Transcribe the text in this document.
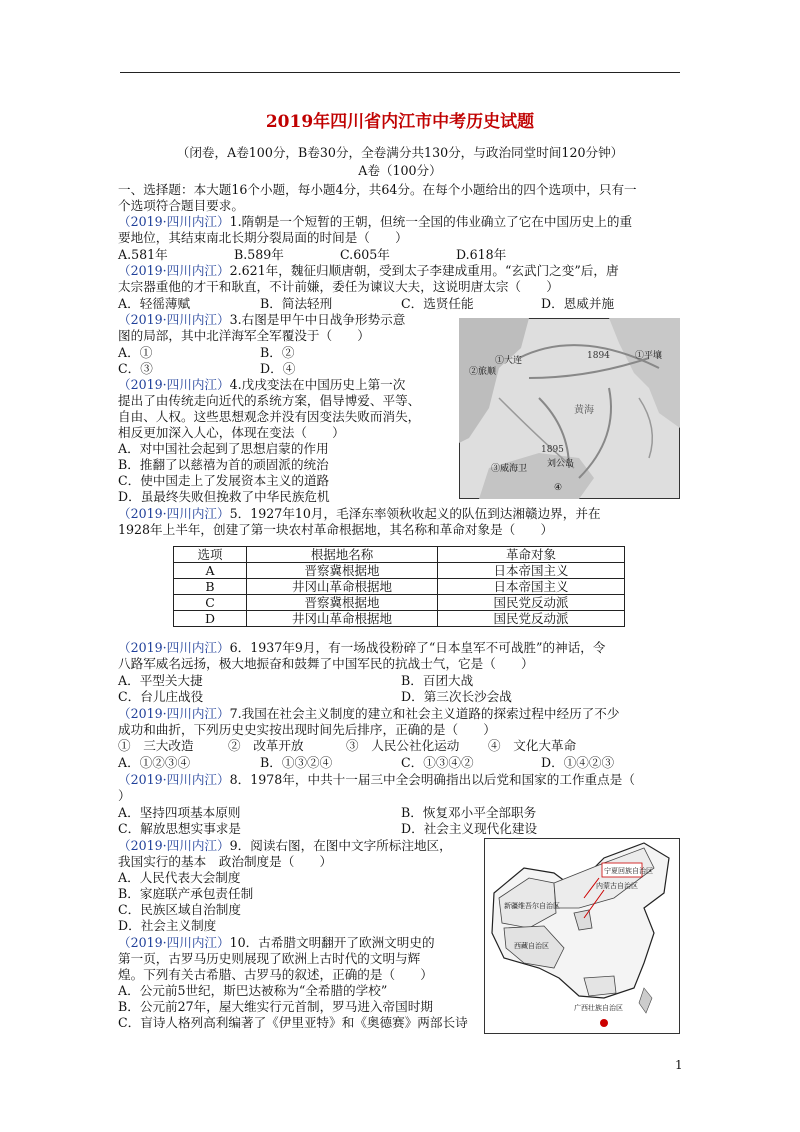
2019年四川省内江市中考历史试题
（闭卷，A卷100分，B卷30分，全卷满分共130分，与政治同堂时间120分钟）
A卷（100分）
一、选择题：本大题16个小题，每小题4分，共64分。在每个小题给出的四个选项中，只有一
个选项符合题目要求。
（2019·四川内江）1.隋朝是一个短暂的王朝，但统一全国的伟业确立了它在中国历史上的重
要地位，其结束南北长期分裂局面的时间是（　　）
A.581年	B.589年	C.605年	D.618年
（2019·四川内江）2.621年，魏征归顺唐朝，受到太子李建成重用。“玄武门之变”后，唐
太宗器重他的才干和耿直，不计前嫌，委任为谏议大夫，这说明唐太宗（　　）
A．轻徭薄赋	B．简法轻刑	C．选贤任能	D．恩威并施
（2019·四川内江）3.右图是甲午中日战争形势示意
图的局部，其中北洋海军全军覆没于（　　）
A．①	B．②
C．③	D．④
1894	①平壤
②旅顺
①大连
③威海卫
1895
刘公岛
黄海
④
（2019·四川内江）4.戊戌变法在中国历史上第一次
提出了由传统走向近代的系统方案，倡导博爱、平等、
自由、人权。这些思想观念并没有因变法失败而消失，
相反更加深入人心，体现在变法（　　）
A．对中国社会起到了思想启蒙的作用
B．推翻了以慈禧为首的顽固派的统治
C．使中国走上了发展资本主义的道路
D．虽最终失败但挽救了中华民族危机
（2019·四川内江）5．1927年10月，毛泽东率领秋收起义的队伍到达湘赣边界，并在
1928年上半年，创建了第一块农村革命根据地，其名称和革命对象是（　　）
选项	根据地名称	革命对象
A	晋察冀根据地	日本帝国主义
B	井冈山革命根据地	日本帝国主义
C	晋察冀根据地	国民党反动派
D	井冈山革命根据地	国民党反动派
（2019·四川内江）6．1937年9月，有一场战役粉碎了“日本皇军不可战胜”的神话，令
八路军威名远扬，极大地振奋和鼓舞了中国军民的抗战士气，它是（　　）
A．平型关大捷	B．百团大战
C．台儿庄战役	D．第三次长沙会战
（2019·四川内江）7.我国在社会主义制度的建立和社会主义道路的探索过程中经历了不少
成功和曲折，下列历史史实按出现时间先后排序，正确的是（　　）
①　三大改造	②　改革开放	③　人民公社化运动 ④　文化大革命
A．①②③④	B．①③②④	C．①③④②	D．①④②③
（2019·四川内江）8．1978年，中共十一届三中全会明确指出以后党和国家的工作重点是（
）
A．坚持四项基本原则	B．恢复邓小平全部职务
C．解放思想实事求是	D．社会主义现代化建设
（2019·四川内江）9．阅读右图，在图中文字所标注地区，
我国实行的基本　政治制度是（　　）
A．人民代表大会制度
B．家庭联产承包责任制
C．民族区域自治制度
D．社会主义制度
宁夏回族自治区
新疆维吾尔自治区
西藏自治区
广西壮族自治区
内蒙古自治区
（2019·四川内江）10．古希腊文明翻开了欧洲文明史的
第一页，古罗马历史则展现了欧洲上古时代的文明与辉
煌。下列有关古希腊、古罗马的叙述，正确的是（　　）
A．公元前5世纪，斯巴达被称为“全希腊的学校”
B．公元前27年，屋大维实行元首制，罗马进入帝国时期
C．盲诗人格列高利编著了《伊里亚特》和《奥德赛》两部长诗
1
